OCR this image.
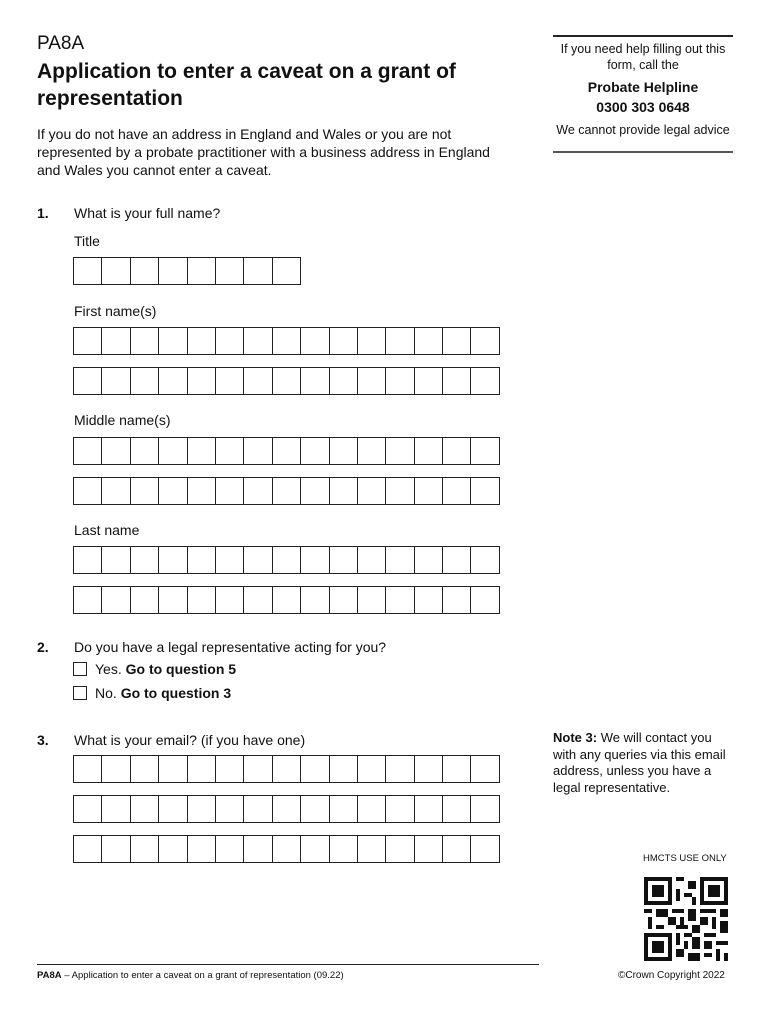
PA8A
Application to enter a caveat on a grant of representation
If you do not have an address in England and Wales or you are not represented by a probate practitioner with a business address in England and Wales you cannot enter a caveat.
If you need help filling out this form, call the
Probate Helpline
0300 303 0648
We cannot provide legal advice
1. What is your full name?
Title
First name(s)
Middle name(s)
Last name
2. Do you have a legal representative acting for you?
Yes.
Go to question 5
No.
Go to question 3
3. What is your email? (if you have one)	Note 3: We will contact you with any queries via this email address, unless you have a legal representative.
HMCTS USE ONLY
PA8A – Application to enter a caveat on a grant of representation (09.22)	©Crown Copyright 2022
